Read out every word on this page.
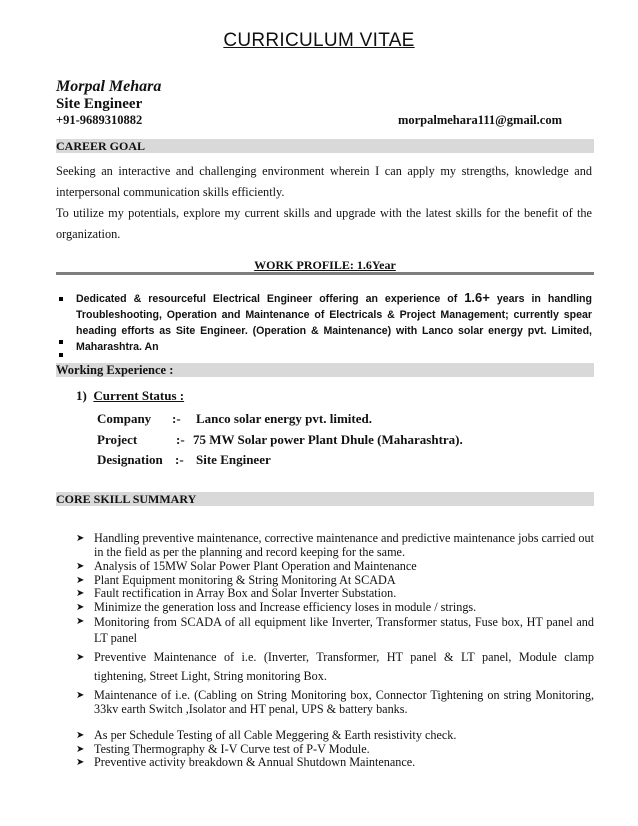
CURRICULUM VITAE
Morpal Mehara
Site Engineer
+91-9689310882	morpalmehara111@gmail.com
CAREER GOAL
Seeking an interactive and challenging environment wherein I can apply my strengths, knowledge and interpersonal communication skills efficiently.
To utilize my potentials, explore my current skills and upgrade with the latest skills for the benefit of the organization.
WORK PROFILE: 1.6Year
Dedicated & resourceful Electrical Engineer offering an experience of 1.6+ years in handling Troubleshooting, Operation and Maintenance of Electricals & Project Management; currently spear heading efforts as Site Engineer. (Operation & Maintenance) with Lanco solar energy pvt. Limited, Maharashtra. An
Working Experience :
1) Current Status :
Company :- Lanco solar energy pvt. limited.
Project	:- 75 MW Solar power Plant Dhule (Maharashtra).
Designation :- Site Engineer
CORE SKILL SUMMARY
➤ Handling preventive maintenance, corrective maintenance and predictive maintenance jobs carried out in the field as per the planning and record keeping for the same.
➤ Analysis of 15MW Solar Power Plant Operation and Maintenance
➤ Plant Equipment monitoring & String Monitoring At SCADA
➤ Fault rectification in Array Box and Solar Inverter Substation.
➤ Minimize the generation loss and Increase efficiency loses in module / strings.
➤ Monitoring from SCADA of all equipment like Inverter, Transformer status, Fuse box, HT panel and LT panel
➤ Preventive Maintenance of i.e. (Inverter, Transformer, HT panel & LT panel, Module clamp tightening, Street Light, String monitoring Box.
➤ Maintenance of i.e. (Cabling on String Monitoring box, Connector Tightening on string Monitoring, 33kv earth Switch ,Isolator and HT penal, UPS & battery banks.
➤ As per Schedule Testing of all Cable Meggering & Earth resistivity check.
➤ Testing Thermography & I-V Curve test of P-V Module.
➤ Preventive activity breakdown & Annual Shutdown Maintenance.
